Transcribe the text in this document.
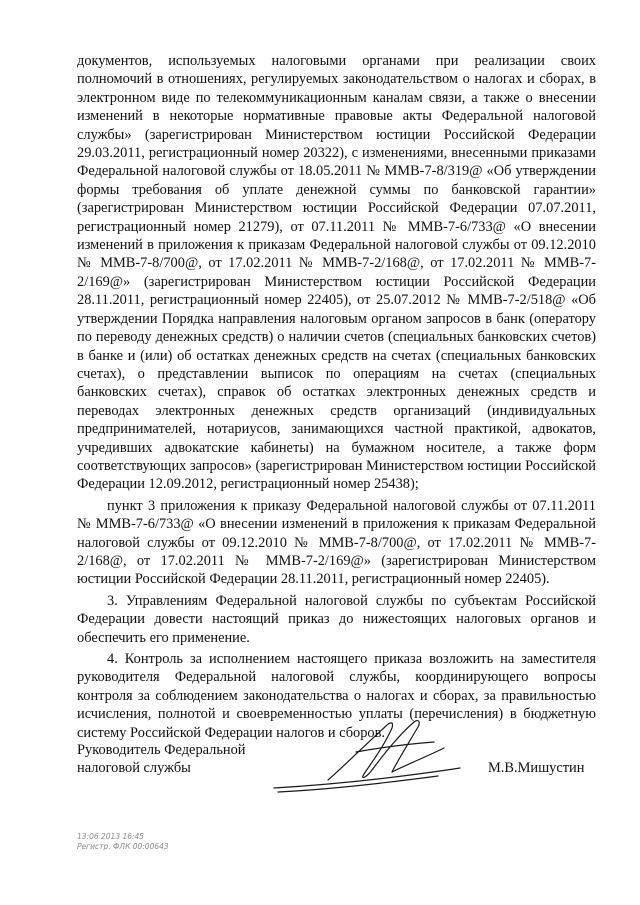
документов, используемых налоговыми органами при реализации своих полномочий в отношениях, регулируемых законодательством о налогах и сборах, в электронном виде по телекоммуникационным каналам связи, а также о внесении изменений в некоторые нормативные правовые акты Федеральной налоговой службы» (зарегистрирован Министерством юстиции Российской Федерации 29.03.2011, регистрационный номер 20322), с изменениями, внесенными приказами Федеральной налоговой службы от 18.05.2011 № ММВ-7-8/319@ «Об утверждении формы требования об уплате денежной суммы по банковской гарантии» (зарегистрирован Министерством юстиции Российской Федерации 07.07.2011, регистрационный номер 21279), от 07.11.2011 № ММВ-7-6/733@ «О внесении изменений в приложения к приказам Федеральной налоговой службы от 09.12.2010 № ММВ-7-8/700@, от 17.02.2011 № ММВ-7-2/168@, от 17.02.2011 № ММВ-7-2/169@» (зарегистрирован Министерством юстиции Российской Федерации 28.11.2011, регистрационный номер 22405), от 25.07.2012 № ММВ-7-2/518@ «Об утверждении Порядка направления налоговым органом запросов в банк (оператору по переводу денежных средств) о наличии счетов (специальных банковских счетов) в банке и (или) об остатках денежных средств на счетах (специальных банковских счетах), о представлении выписок по операциям на счетах (специальных банковских счетах), справок об остатках электронных денежных средств и переводах электронных денежных средств организаций (индивидуальных предпринимателей, нотариусов, занимающихся частной практикой, адвокатов, учредивших адвокатские кабинеты) на бумажном носителе, а также форм соответствующих запросов» (зарегистрирован Министерством юстиции Российской Федерации 12.09.2012, регистрационный номер 25438);

пункт 3 приложения к приказу Федеральной налоговой службы от 07.11.2011 № ММВ-7-6/733@ «О внесении изменений в приложения к приказам Федеральной налоговой службы от 09.12.2010 № ММВ-7-8/700@, от 17.02.2011 № ММВ-7-2/168@, от 17.02.2011 № ММВ-7-2/169@» (зарегистрирован Министерством юстиции Российской Федерации 28.11.2011, регистрационный номер 22405).

3. Управлениям Федеральной налоговой службы по субъектам Российской Федерации довести настоящий приказ до нижестоящих налоговых органов и обеспечить его применение.

4. Контроль за исполнением настоящего приказа возложить на заместителя руководителя Федеральной налоговой службы, координирующего вопросы контроля за соблюдением законодательства о налогах и сборах, за правильностью исчисления, полнотой и своевременностью уплаты (перечисления) в бюджетную систему Российской Федерации налогов и сборов.

Руководитель Федеральной
налоговой службы	М.В.Мишустин
13:06 2013 16:45
Регистр. ФЛК 00:00643
